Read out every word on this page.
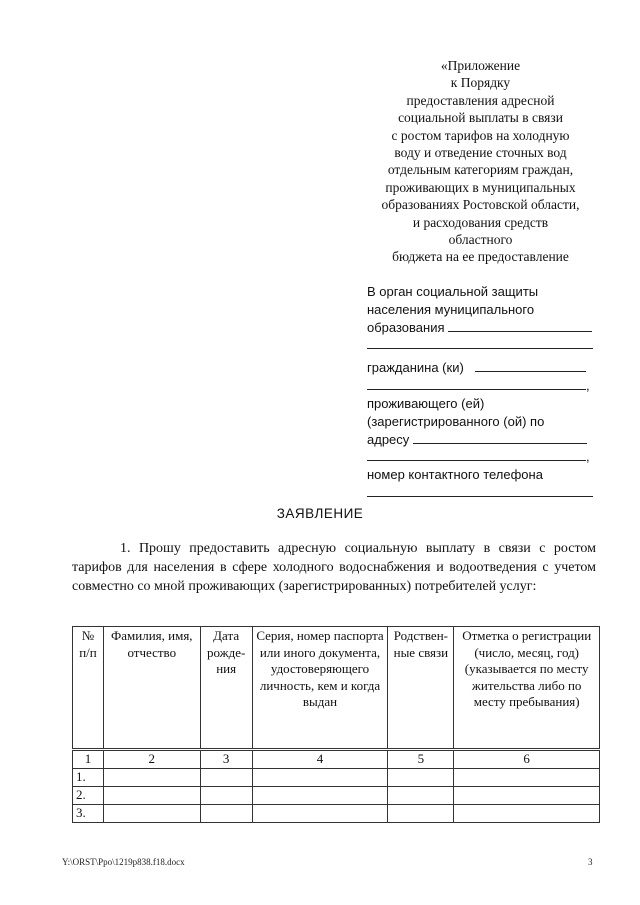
«Приложение
к Порядку
предоставления адресной
социальной выплаты в связи
с ростом тарифов на холодную
воду и отведение сточных вод
отдельным категориям граждан,
проживающих в муниципальных
образованиях Ростовской области,
и расходования средств
областного
бюджета на ее предоставление
В орган социальной защиты
населения муниципального
образования
гражданина (ки)
,
проживающего (ей)
(зарегистрированного (ой) по
адресу
,
номер контактного телефона
ЗАЯВЛЕНИЕ
1. Прошу предоставить адресную социальную выплату в связи с ростом тарифов для населения в сфере холодного водоснабжения и водоотведения с учетом совместно со мной проживающих (зарегистрированных) потребителей услуг:
№ п/п	Фамилия, имя, отчество	Дата рожде-ния	Серия, номер паспорта или иного документа, удостоверяющего личность, кем и когда выдан	Родствен-ные связи	Отметка о регистрации (число, месяц, год) (указывается по месту жительства либо по месту пребывания)
1	2	3	4	5	6
1.					
2.					
3.					
Y:\ORST\Ppo\1219p838.f18.docx	3
